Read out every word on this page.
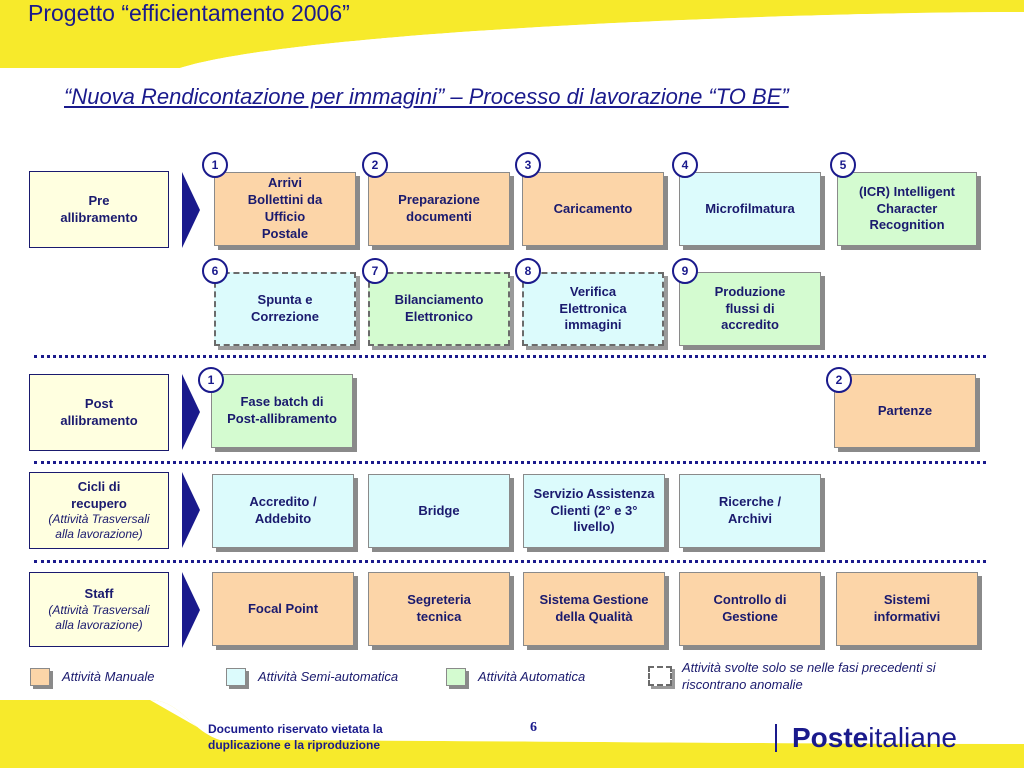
Progetto “efficientamento 2006”
“Nuova Rendicontazione per immagini” – Processo di lavorazione “TO BE”
Pre allibramento
Post allibramento
Cicli di recupero
(Attività Trasversali alla lavorazione)
Staff
(Attività Trasversali alla lavorazione)
Arrivi Bollettini da Ufficio Postale
1
Preparazione documenti
2
Caricamento
3
Microfilmatura
4
(ICR) Intelligent Character Recognition
5
Spunta e Correzione
6
Bilanciamento Elettronico
7
Verifica Elettronica immagini
8
Produzione flussi di accredito
9
Fase batch di Post-allibramento
1
Partenze
2
Accredito / Addebito
Bridge
Servizio Assistenza Clienti (2° e 3° livello)
Ricerche / Archivi
Focal Point
Segreteria tecnica
Sistema Gestione della Qualità
Controllo di Gestione
Sistemi informativi
Attività Manuale	Attività Semi-automatica	Attività Automatica
Attività svolte solo se nelle fasi precedenti si riscontrano anomalie
Documento riservato vietata la duplicazione e la riproduzione
6	Posteitaliane
